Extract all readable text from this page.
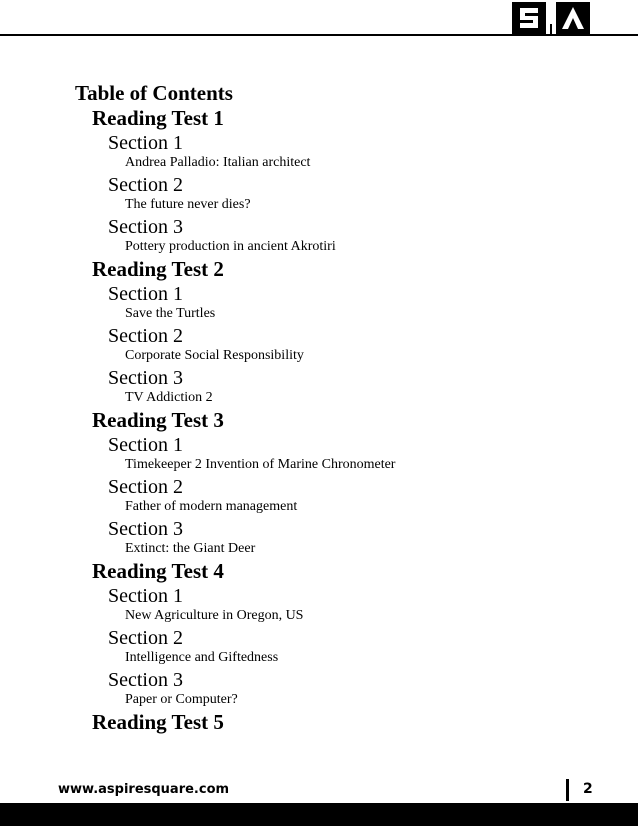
Table of Contents
Reading Test 1
Section 1
Andrea Palladio: Italian architect
Section 2
The future never dies?
Section 3
Pottery production in ancient Akrotiri
Reading Test 2
Section 1
Save the Turtles
Section 2
Corporate Social Responsibility
Section 3
TV Addiction 2
Reading Test 3
Section 1
Timekeeper 2 Invention of Marine Chronometer
Section 2
Father of modern management
Section 3
Extinct: the Giant Deer
Reading Test 4
Section 1
New Agriculture in Oregon, US
Section 2
Intelligence and Giftedness
Section 3
Paper or Computer?
Reading Test 5
www.aspiresquare.com	2
